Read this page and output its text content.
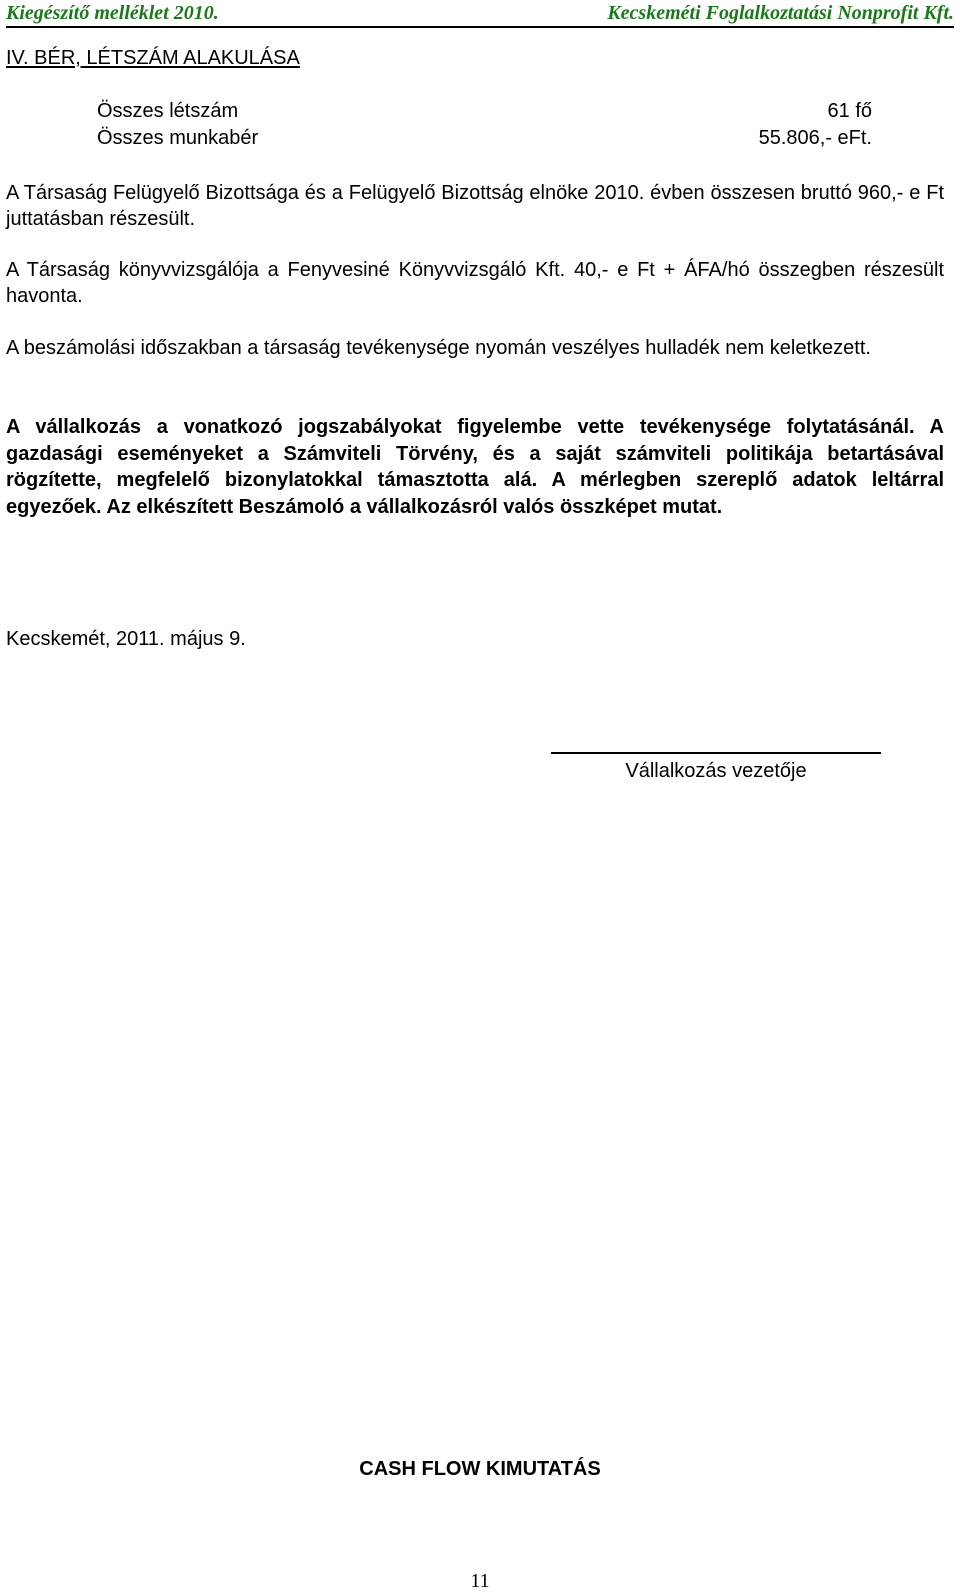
Kiegészítő melléklet 2010.	Kecskeméti Foglalkoztatási Nonprofit Kft.
IV. BÉR, LÉTSZÁM ALAKULÁSA
Összes létszám	61 fő
Összes munkabér	55.806,- eFt.
A Társaság Felügyelő Bizottsága és a Felügyelő Bizottság elnöke 2010. évben összesen bruttó 960,- e Ft juttatásban részesült.
A Társaság könyvvizsgálója a Fenyvesiné Könyvvizsgáló Kft. 40,- e Ft + ÁFA/hó összegben részesült havonta.
A beszámolási időszakban a társaság tevékenysége nyomán veszélyes hulladék nem keletkezett.
A vállalkozás a vonatkozó jogszabályokat figyelembe vette tevékenysége folytatásánál. A gazdasági eseményeket a Számviteli Törvény, és a saját számviteli politikája betartásával rögzítette, megfelelő bizonylatokkal támasztotta alá. A mérlegben szereplő adatok leltárral egyezőek. Az elkészített Beszámoló a vállalkozásról valós összképet mutat.
Kecskemét, 2011. május 9.
Vállalkozás vezetője
CASH FLOW KIMUTATÁS
11
